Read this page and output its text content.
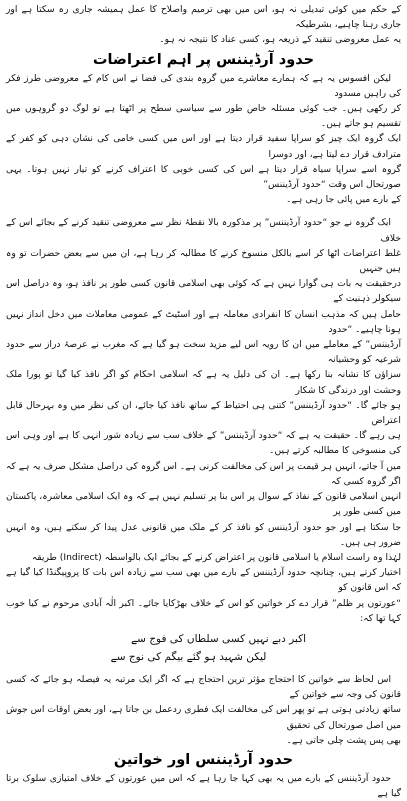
کے حکم میں کوئی تبدیلی نہ ہو، اس میں بھی ترمیم واصلاح کا عمل ہمیشہ جاری رہ سکتا ہے اور جاری رہنا چاہیے، بشرطیکہ

یہ عمل معروضی تنقید کے ذریعہ ہو، کسی عناد کا نتیجہ نہ ہو۔

حدود آرڈیننس پر اہم اعتراضات

لیکن افسوس یہ ہے کہ ہمارے معاشرے میں گروہ بندی کی فضا نے اس کام کے معروضی طرز فکر کی راہیں مسدود

کر رکھی ہیں۔ جب کوئی مسئلہ خاص طور سے سیاسی سطح پر اٹھتا ہے تو لوگ دو گروہوں میں تقسیم ہو جاتے ہیں۔

ایک گروہ ایک چیز کو سراپا سفید قرار دیتا ہے اور اس میں کسی خامی کی نشان دہی کو کفر کے مترادف قرار دے لیتا ہے، اور دوسرا

گروہ اسے سراپا سیاہ قرار دیتا ہے اس کی کسی خوبی کا اعتراف کرنے کو تیار نہیں ہوتا۔ یہی صورتحال اس وقت “حدود آرڈیننس”

کے بارے میں پائی جا رہی ہے۔

ایک گروہ نے جو “حدود آرڈیننس” پر مذکورہ بالا نقطۂ نظر سے معروضی تنقید کرنے کے بجائے اس کے خلاف

غلط اعتراضات اٹھا کر اسے بالکل منسوخ کرنے کا مطالبہ کر رہا ہے، ان میں سے بعض حضرات تو وہ ہیں جنہیں

درحقیقت یہ بات ہی گوارا نہیں ہے کہ کوئی بھی اسلامی قانون کسی طور پر نافذ ہو، وہ دراصل اس سیکولر ذہنیت کے

حامل ہیں کہ مذہب انسان کا انفرادی معاملہ ہے اور اسٹیٹ کے عمومی معاملات میں دخل انداز نہیں ہونا چاہیے۔ “حدود

آرڈیننس” کے معاملے میں ان کا رویہ اس لیے مزید سخت ہو گیا ہے کہ مغرب نے عرصۂ دراز سے حدود شرعیہ کو وحشیانہ

سزاؤں کا نشانہ بنا رکھا ہے۔ ان کی دلیل یہ ہے کہ اسلامی احکام کو اگر نافذ کیا گیا تو پورا ملک وحشت اور درندگی کا شکار

ہو جائے گا۔ “حدود آرڈیننس” کتنی ہی احتیاط کے ساتھ نافذ کیا جائے، ان کی نظر میں وہ بہرحال قابل اعتراض

ہی رہے گا۔ حقیقت یہ ہے کہ “حدود آرڈیننس” کے خلاف سب سے زیادہ شور انہی کا ہے اور وہی اس کی منسوخی کا مطالبہ کرتے ہیں۔

میں آ جاتے، انہیں ہر قیمت پر اس کی مخالفت کرنی ہے۔ اس گروہ کی دراصل مشکل صرف یہ ہے کہ اگر گروہ کسی کہ

انہیں اسلامی قانون کے نفاذ کے سوال پر اس بنا پر تسلیم نہیں ہے کہ وہ ایک اسلامی معاشرہ، پاکستان میں کسی طور پر

جا سکتا ہے اور جو حدود آرڈیننس کو نافذ کر کے ملک میں قانونی عدل پیدا کر سکتے ہیں، وہ انہیں ضرور ہی ہیں۔

لہٰذا وہ راست اسلام یا اسلامی قانون پر اعتراض کرنے کے بجائے ایک بالواسطہ (Indirect) طریقہ

اختیار کرتے ہیں، چنانچہ حدود آرڈیننس کے بارے میں بھی سب سے زیادہ اس بات کا پروپیگنڈا کیا گیا ہے کہ اس قانون کو

“عورتوں پر ظلم” قرار دے کر خواتین کو اس کے خلاف بھڑکایا جائے۔ اکبر الٰہ آبادی مرحوم نے کیا خوب کہا تھا کہ:

اکبر دبے نہیں کسی سلطاں کی فوج سے
لیکن شہید ہو گئے بیگم کی نوج سے

اس لحاظ سے خواتین کا احتجاج مؤثر ترین احتجاج ہے کہ اگر ایک مرتبہ یہ فیصلہ ہو جائے کہ کسی قانون کی وجہ سے خواتین کے

ساتھ زیادتی ہوتی ہے تو پھر اس کی مخالفت ایک فطری ردعمل بن جاتا ہے، اور بعض اوقات اس جوش میں اصل صورتحال کی تحقیق

بھی پس پشت چلی جاتی ہے۔

حدود آرڈیننس اور خواتین

حدود آرڈیننس کے بارے میں یہ بھی کہا جا رہا ہے کہ اس میں عورتوں کے خلاف امتیازی سلوک برتا گیا ہے
